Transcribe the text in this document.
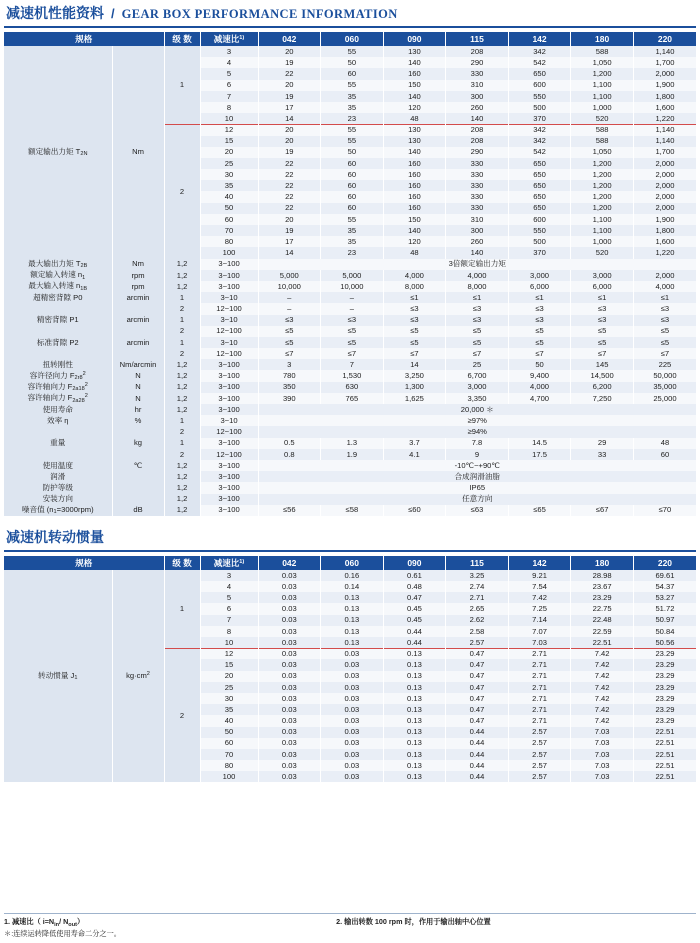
减速机性能资料 / GEAR BOX PERFORMANCE INFORMATION
规格		级 数	减速比$^{1)}$	042	060	090	115	142	180	220
额定输出力矩 $T_{2N}$	Nm	1	3	20	55	130	208	342	588	1,140
			4	19	50	140	290	542	1,050	1,700
			5	22	60	160	330	650	1,200	2,000
			6	20	55	150	310	600	1,100	1,900
			7	19	35	140	300	550	1,100	1,800
			8	17	35	120	260	500	1,000	1,600
			10	14	23	48	140	370	520	1,220
		2	12	20	55	130	208	342	588	1,140
			15	20	55	130	208	342	588	1,140
			20	19	50	140	290	542	1,050	1,700
			25	22	60	160	330	650	1,200	2,000
			30	22	60	160	330	650	1,200	2,000
			35	22	60	160	330	650	1,200	2,000
			40	22	60	160	330	650	1,200	2,000
			50	22	60	160	330	650	1,200	2,000
			60	20	55	150	310	600	1,100	1,900
			70	19	35	140	300	550	1,100	1,800
			80	17	35	120	260	500	1,000	1,600
			100	14	23	48	140	370	520	1,220
最大输出力矩 $T_{2B}$	Nm	1,2	3~100	3倍额定输出力矩						
额定输入转速 $n_1$	rpm	1,2	3~100	5,000	5,000	4,000	4,000	3,000	3,000	2,000
最大输入转速 $n_{1B}$	rpm	1,2	3~100	10,000	10,000	8,000	8,000	6,000	6,000	4,000
超精密背隙 P0	arcmin	1	3~10	–	–	≤1	≤1	≤1	≤1	≤1
		2	12~100	–	–	≤3	≤3	≤3	≤3	≤3
精密背隙 P1	arcmin	1	3~10	≤3	≤3	≤3	≤3	≤3	≤3	≤3
		2	12~100	≤5	≤5	≤5	≤5	≤5	≤5	≤5
标准背隙 P2	arcmin	1	3~10	≤5	≤5	≤5	≤5	≤5	≤5	≤5
		2	12~100	≤7	≤7	≤7	≤7	≤7	≤7	≤7
扭转刚性	Nm/arcmin	1,2	3~100	3	7	14	25	50	145	225
容许径向力 $F_{2r8}^2$	N	1,2	3~100	780	1,530	3,250	6,700	9,400	14,500	50,000
容许轴向力 $F_{2a18}^2$	N	1,2	3~100	350	630	1,300	3,000	4,000	6,200	35,000
容许轴向力 $F_{2a28}^2$	N	1,2	3~100	390	765	1,625	3,350	4,700	7,250	25,000
使用寿命	hr	1,2	3~100	20,000 ＊						
效率 η	%	1	3~10	≥97%						
		2	12~100	≥94%						
重量	kg	1	3~100	0.5	1.3	3.7	7.8	14.5	29	48
		2	12~100	0.8	1.9	4.1	9	17.5	33	60
使用温度	℃	1,2	3~100	-10℃~+90℃						
润滑		1,2	3~100	合成润滑油脂						
防护等级		1,2	3~100	IP65						
安装方向		1,2	3~100	任意方向						
噪音值 $(n_1=3000rpm)$	dB	1,2	3~100	≤56	≤58	≤60	≤63	≤65	≤67	≤70
减速机转动惯量
规格		级 数	减速比$^{1)}$	042	060	090	115	142	180	220
转动惯量 $J_1$	$kg\cdot cm^2$	1	3	0.03	0.16	0.61	3.25	9.21	28.98	69.61
			4	0.03	0.14	0.48	2.74	7.54	23.67	54.37
			5	0.03	0.13	0.47	2.71	7.42	23.29	53.27
			6	0.03	0.13	0.45	2.65	7.25	22.75	51.72
			7	0.03	0.13	0.45	2.62	7.14	22.48	50.97
			8	0.03	0.13	0.44	2.58	7.07	22.59	50.84
			10	0.03	0.13	0.44	2.57	7.03	22.51	50.56
		2	12	0.03	0.03	0.13	0.47	2.71	7.42	23.29
			15	0.03	0.03	0.13	0.47	2.71	7.42	23.29
			20	0.03	0.03	0.13	0.47	2.71	7.42	23.29
			25	0.03	0.03	0.13	0.47	2.71	7.42	23.29
			30	0.03	0.03	0.13	0.47	2.71	7.42	23.29
			35	0.03	0.03	0.13	0.47	2.71	7.42	23.29
			40	0.03	0.03	0.13	0.47	2.71	7.42	23.29
			50	0.03	0.03	0.13	0.44	2.57	7.03	22.51
			60	0.03	0.03	0.13	0.44	2.57	7.03	22.51
			70	0.03	0.03	0.13	0.44	2.57	7.03	22.51
			80	0.03	0.03	0.13	0.44	2.57	7.03	22.51
			100	0.03	0.03	0.13	0.44	2.57	7.03	22.51
1. 减速比（ $i=N_{in}/$ $N_{out}$）	2. 输出转数 100 rpm 时，作用于输出轴中心位置
＊:连续运转降低使用寿命二分之一。
